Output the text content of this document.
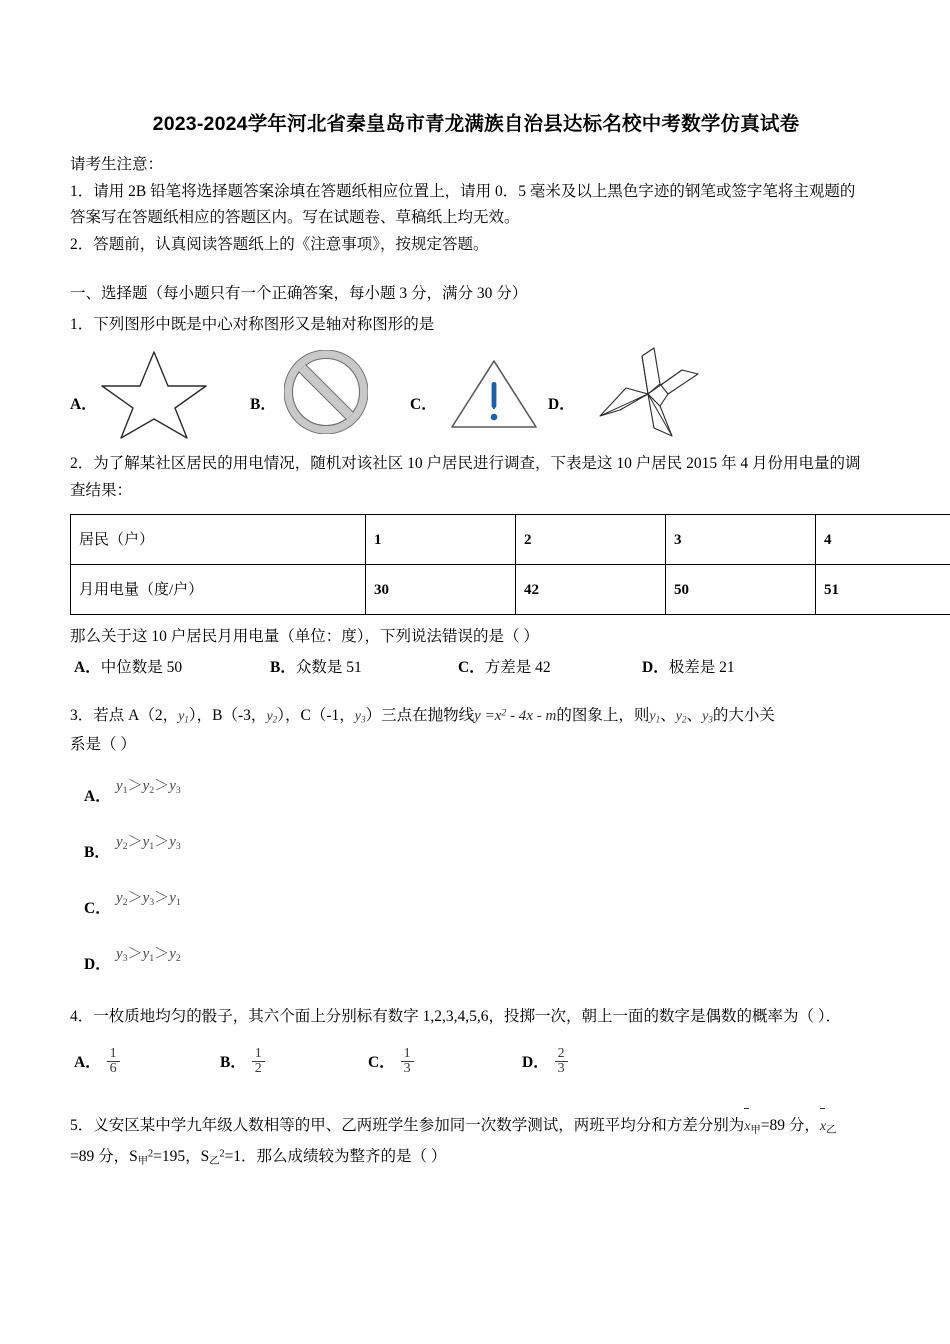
2023-2024学年河北省秦皇岛市青龙满族自治县达标名校中考数学仿真试卷
请考生注意：
1．请用 2B 铅笔将选择题答案涂填在答题纸相应位置上，请用 0．5 毫米及以上黑色字迹的钢笔或签字笔将主观题的
答案写在答题纸相应的答题区内。写在试题卷、草稿纸上均无效。
2．答题前，认真阅读答题纸上的《注意事项》，按规定答题。
一、选择题（每小题只有一个正确答案，每小题 3 分，满分 30 分）

1．下列图形中既是中心对称图形又是轴对称图形的是

A．	B．	C．	D．

2．为了解某社区居民的用电情况，随机对该社区 10 户居民进行调查，下表是这 10 户居民 2015 年 4 月份用电量的调

查结果：

居民（户）	1	2	3	4
月用电量（度/户）	30	42	50	51

那么关于这 10 户居民月用电量（单位：度），下列说法错误的是（ ）

A．中位数是 50	B．众数是 51	C．方差是 42	D．极差是 21

3．若点 A（2，$y_1$），B（-3，$y_2$），C（-1，$y_3$）三点在抛物线$y =x^2 - 4x - m$的图象上，则$y_1$、$y_2$、$y_3$的大小关

系是（ ）

A．
$y_1>y_2>y_3$
B．
$y_2>y_1>y_3$
C．
$y_2>y_3>y_1$
D．
$y_3>y_1>y_2$

4．一枚质地均匀的骰子，其六个面上分别标有数字 1,2,3,4,5,6，投掷一次，朝上一面的数字是偶数的概率为（ ）．

A． $\frac{1}{6}$	B． $\frac{1}{2}$	C． $\frac{1}{3}$	D． $\frac{2}{3}$

5．义安区某中学九年级人数相等的甲、乙两班学生参加同一次数学测试，两班平均分和方差分别为$x_甲=89$ 分，$x_乙$

=89 分，$S_甲^2=195$，$S_乙^2=1$．那么成绩较为整齐的是（ ）
